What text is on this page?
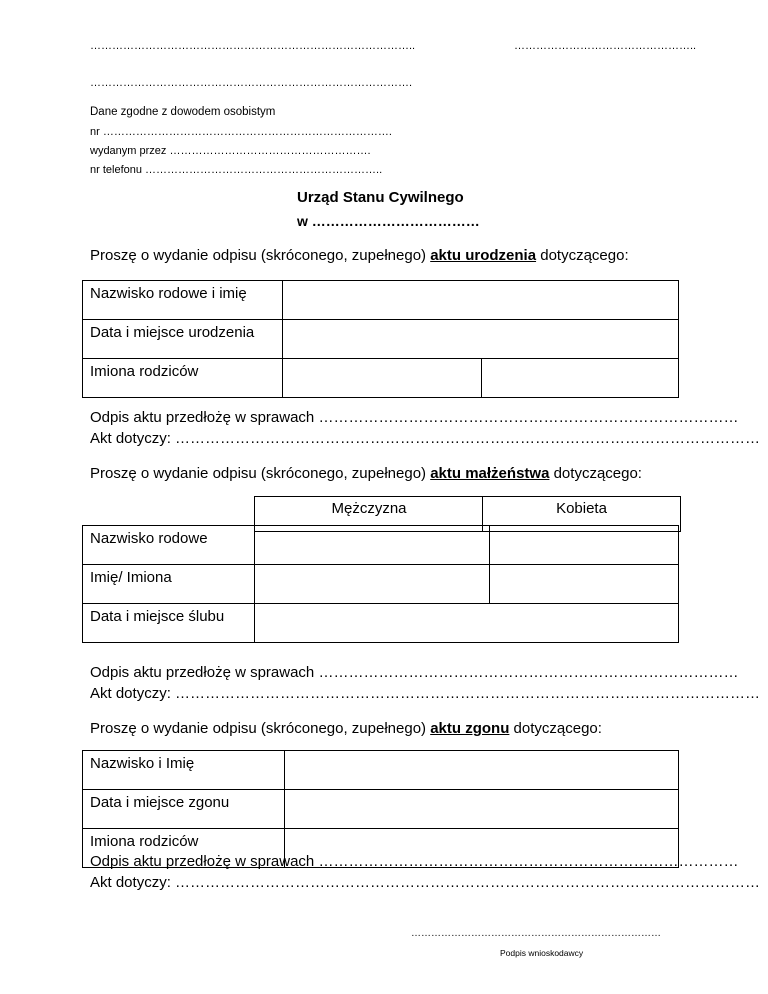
……………………………………………………………………………..	…………………………………………..
…………………………………………………………………………….
Dane zgodne z dowodem osobistym
nr …………………………………………………………………….
wydanym przez ……………………………………………….
nr telefonu ………………………………………………………..
Urząd Stanu Cywilnego
w ………………………………
Proszę o wydanie odpisu (skróconego, zupełnego) aktu urodzenia dotyczącego:
Nazwisko rodowe i imię		
Data i miejsce urodzenia		
Imiona rodziców		
Odpis aktu przedłożę w sprawach …………………………………………………………………………
Akt dotyczy: ………………………………………………………………………………………………………
Proszę o wydanie odpisu (skróconego, zupełnego) aktu małżeństwa dotyczącego:
Mężczyzna	Kobieta
Nazwisko rodowe		
Imię/ Imiona		
Data i miejsce ślubu		
Odpis aktu przedłożę w sprawach …………………………………………………………………………
Akt dotyczy: ………………………………………………………………………………………………………
Proszę o wydanie odpisu (skróconego, zupełnego) aktu zgonu dotyczącego:
Nazwisko i Imię	
Data i miejsce zgonu	
Imiona rodziców	
Odpis aktu przedłożę w sprawach …………………………………………………………………………
Akt dotyczy: ………………………………………………………………………………………………………
…………………………………………………………………
Podpis wnioskodawcy
